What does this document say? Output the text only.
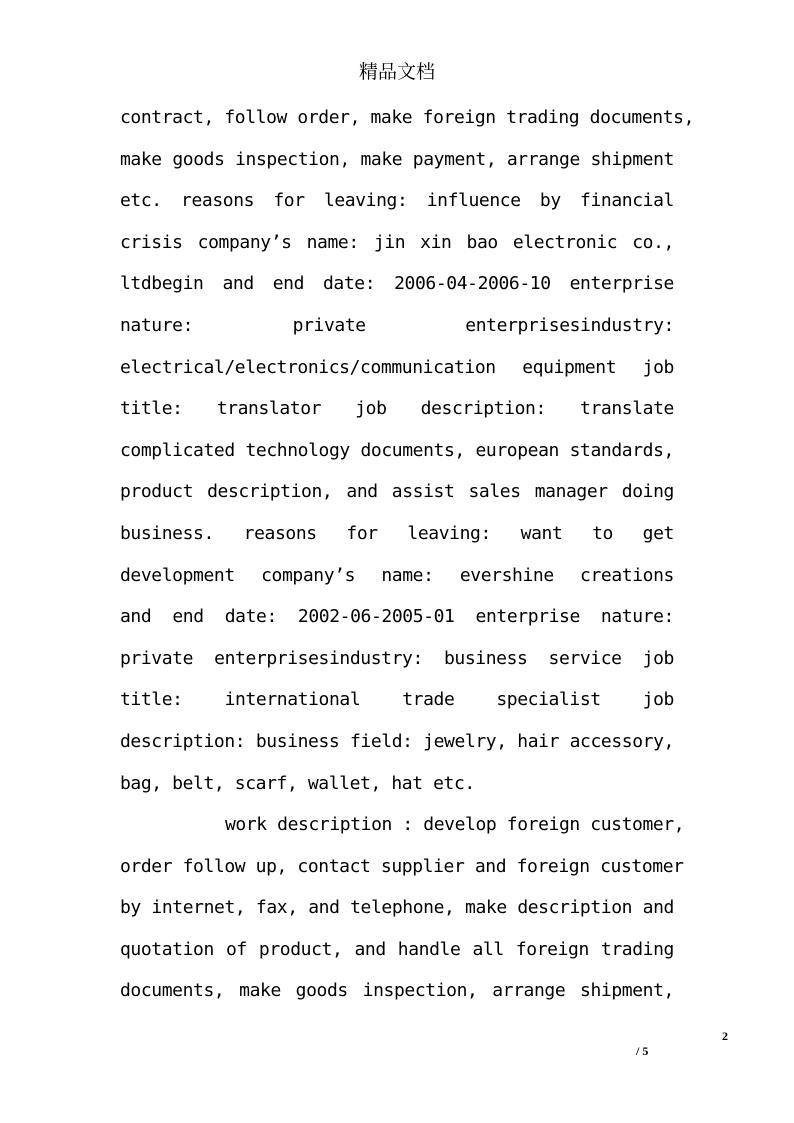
精品文档
contract, follow order, make foreign trading documents,
make goods inspection, make payment, arrange shipment
etc. reasons for leaving: influence by financial
crisis company’s name: jin xin bao electronic co.,
ltdbegin and end date: 2006-04-2006-10 enterprise
nature: private enterprisesindustry:
electrical/electronics/communication equipment job
title: translator job description: translate
complicated technology documents, european standards,
product description, and assist sales manager doing
business. reasons for leaving: want to get
development company’s name: evershine creations
and end date: 2002-06-2005-01 enterprise nature:
private enterprisesindustry: business service job
title: international trade specialist job
description: business field: jewelry, hair accessory,
bag, belt, scarf, wallet, hat etc.
work description : develop foreign customer,
order follow up, contact supplier and foreign customer
by internet, fax, and telephone, make description and
quotation of product, and handle all foreign trading
documents, make goods inspection, arrange shipment,
2
/ 5
